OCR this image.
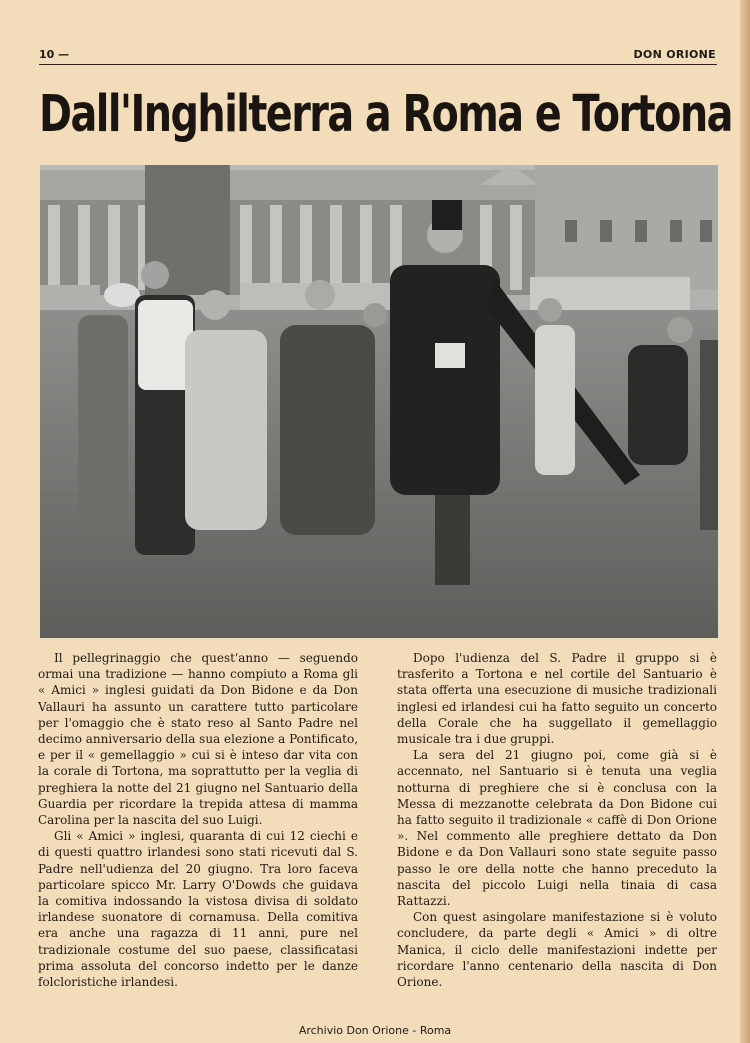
10 —	DON ORIONE
Dall'Inghilterra a Roma e Tortona

Il pellegrinaggio che quest'anno — seguendo ormai una tradizione — hanno compiuto a Roma gli « Amici » inglesi guidati da Don Bidone e da Don Vallauri ha assunto un carattere tutto particolare per l'omaggio che è stato reso al Santo Padre nel decimo anniversario della sua elezione a Pontificato, e per il « gemellaggio » cui si è inteso dar vita con la corale di Tortona, ma soprattutto per la veglia di preghiera la notte del 21 giugno nel Santuario della Guardia per ricordare la trepida attesa di mamma Carolina per la nascita del suo Luigi.

Gli « Amici » inglesi, quaranta di cui 12 ciechi e di questi quattro irlandesi sono stati ricevuti dal S. Padre nell'udienza del 20 giugno. Tra loro faceva particolare spicco Mr. Larry O'Dowds che guidava la comitiva indossando la vistosa divisa di soldato irlandese suonatore di cornamusa. Della comitiva era anche una ragazza di 11 anni, pure nel tradizionale costume del suo paese, classificatasi prima assoluta del concorso indetto per le danze folcloristiche irlandesi.

Dopo l'udienza del S. Padre il gruppo si è trasferito a Tortona e nel cortile del Santuario è stata offerta una esecuzione di musiche tradizionali inglesi ed irlandesi cui ha fatto seguito un concerto della Corale che ha suggellato il gemellaggio musicale tra i due gruppi.

La sera del 21 giugno poi, come già si è accennato, nel Santuario si è tenuta una veglia notturna di preghiere che si è conclusa con la Messa di mezzanotte celebrata da Don Bidone cui ha fatto seguito il tradizionale « caffè di Don Orione ». Nel commento alle preghiere dettato da Don Bidone e da Don Vallauri sono state seguite passo passo le ore della notte che hanno preceduto la nascita del piccolo Luigi nella tinaia di casa Rattazzi.

Con quest asingolare manifestazione si è voluto concludere, da parte degli « Amici » di oltre Manica, il ciclo delle manifestazioni indette per ricordare l'anno centenario della nascita di Don Orione.

Archivio Don Orione - Roma
